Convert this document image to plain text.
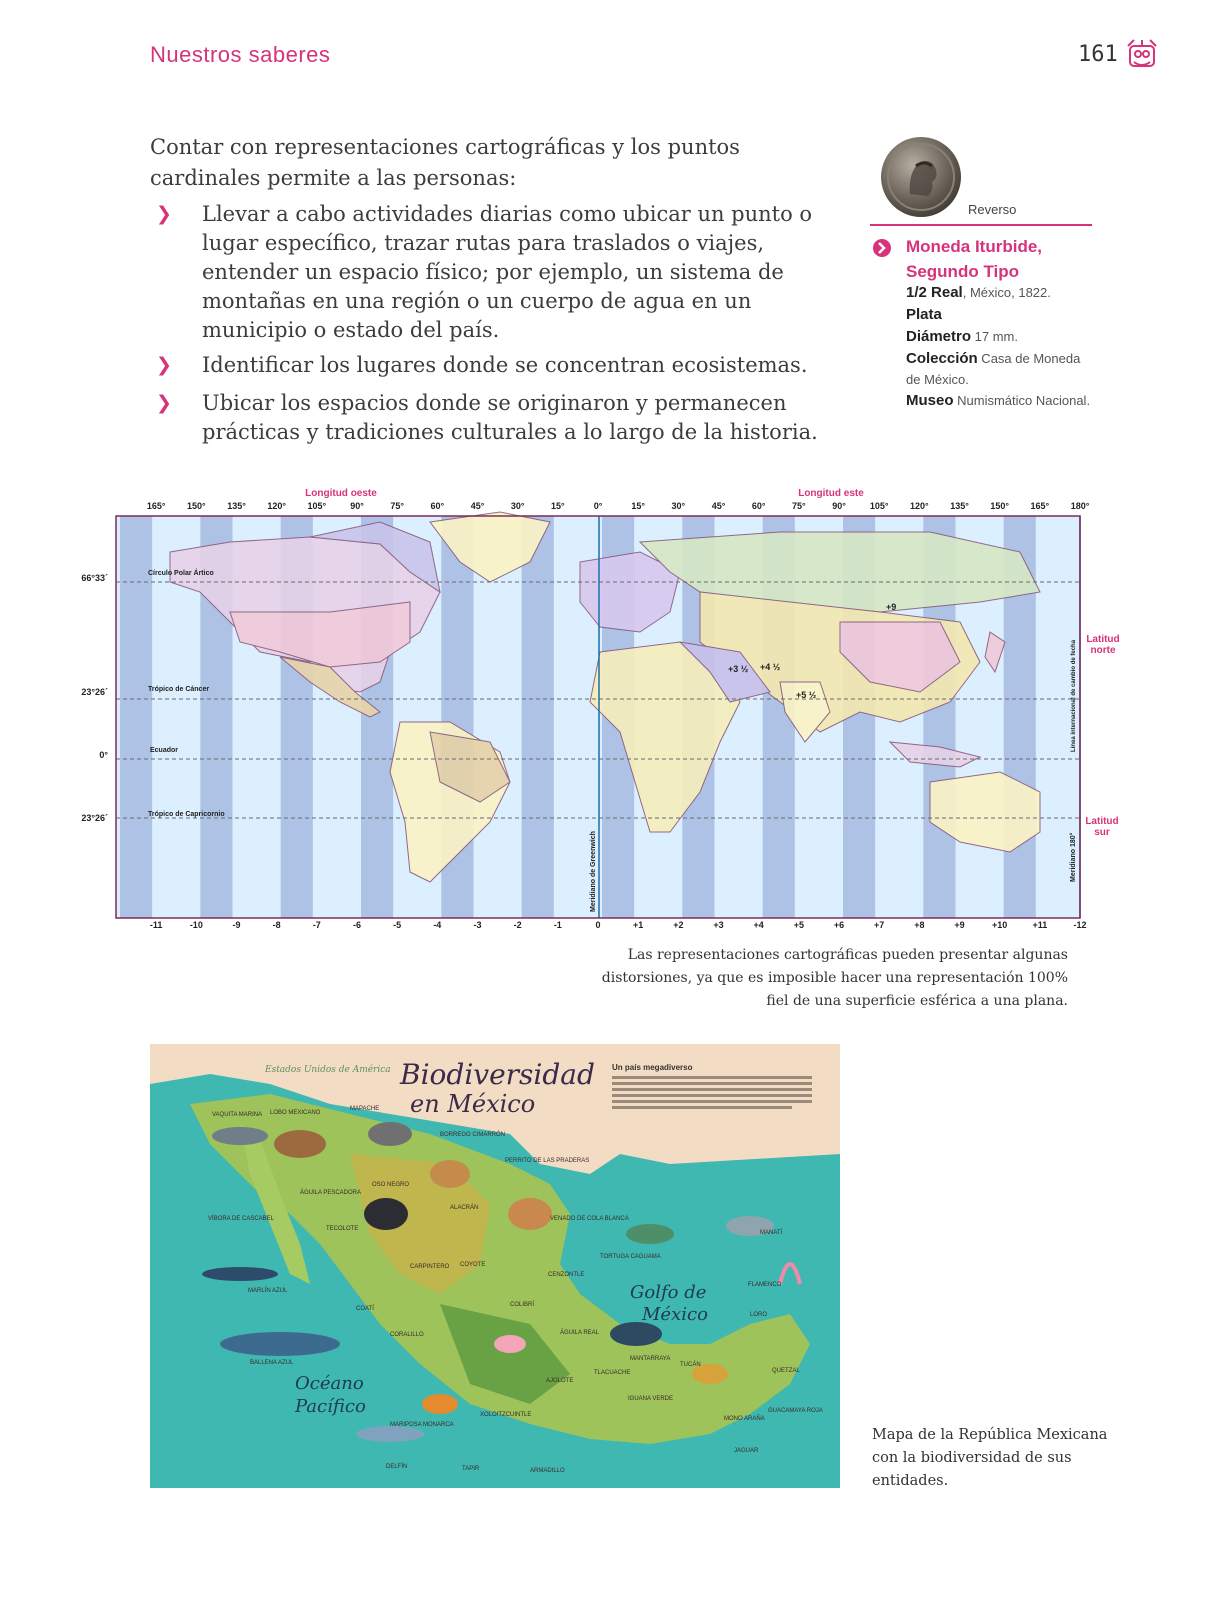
Nuestros saberes	161
Contar con representaciones cartográficas y los puntos cardinales permite a las personas:
❯ Llevar a cabo actividades diarias como ubicar un punto o lugar específico, trazar rutas para traslados o viajes, entender un espacio físico; por ejemplo, un sistema de montañas en una región o un cuerpo de agua en un municipio o estado del país.
❯ Identificar los lugares donde se concentran ecosistemas.
❯ Ubicar los espacios donde se originaron y permanecen prácticas y tradiciones culturales a lo largo de la historia.
Reverso
Moneda Iturbide, Segundo Tipo
1/2 Real, México, 1822.
Plata
Diámetro 17 mm.
Colección Casa de Moneda de México.
Museo Numismático Nacional.
Longitud oeste	Longitud este
165° 150° 135° 120° 105°	90°	75°	60°	45°	30°	15°	0°	15°	30°	45°	60°	75°	90°	105° 120° 135° 150° 165° 180°
-11	-10	-9	-8	-7	-6	-5	-4	-3	-2	-1	0	+1	+2	+3	+4	+5	+6	+7	+8	+9	+10	+11	-12
66°33´
23°26´
0°
23°26´
Círculo Polar Ártico
Trópico de Cáncer
Ecuador
Trópico de Capricornio
Latitud
norte
Latitud
sur
Meridiano de Greenwich	Meridiano 180°
Línea internacional de cambio de fecha
+9
+3 ½ +4 ½
+5 ½
Las representaciones cartográficas pueden presentar algunas distorsiones, ya que es imposible hacer una representación 100% fiel de una superficie esférica a una plana.
Biodiversidad
en México
Estados Unidos de América	Un país megadiverso
Golfo de
México
Océano
Pacífico
VAQUITA MARINA LOBO MEXICANO
MAPACHE
BORREGO CIMARRÓN
PERRITO DE LAS PRADERAS
OSO NEGRO
ÁGUILA PESCADORA
ALACRÁN
VENADO DE COLA BLANCA
VÍBORA DE CASCABEL
TECOLOTE
COYOTE
CARPINTERO
CENZONTLE
TORTUGA CAGUAMA
MANATÍ
MARLÍN AZUL
COATÍ
COLIBRÍ
FLAMENCO
LORO
CORALILLO	ÁGUILA REAL
MANTARRAYA
BALLENA AZUL
AJOLOTE
TLACUACHE
IGUANA VERDE
MARIPOSA MONARCA
XOLOITZCUINTLE
MONO ARAÑA
JAGUAR
DELFÍN	TAPIR	ARMADILLO
TUCÁN
QUETZAL
GUACAMAYA ROJA
Mapa de la República Mexicana con la biodiversidad de sus entidades.
